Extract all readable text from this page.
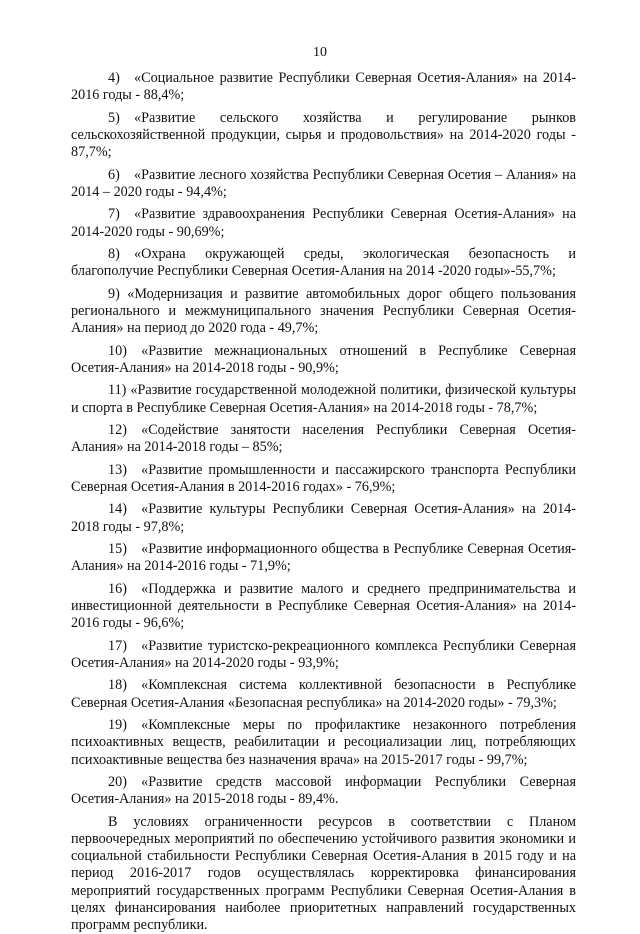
10

4) «Социальное развитие Республики Северная Осетия-Алания» на 2014-2016 годы - 88,4%;

5) «Развитие сельского хозяйства и регулирование рынков сельскохозяйственной продукции, сырья и продовольствия» на 2014-2020 годы - 87,7%;

6) «Развитие лесного хозяйства Республики Северная Осетия – Алания» на 2014 – 2020 годы - 94,4%;

7) «Развитие здравоохранения Республики Северная Осетия-Алания» на 2014-2020 годы - 90,69%;

8) «Охрана окружающей среды, экологическая безопасность и благополучие Республики Северная Осетия-Алания на 2014 -2020 годы»-55,7%;

9) «Модернизация и развитие автомобильных дорог общего пользования регионального и межмуниципального значения Республики Северная Осетия-Алания» на период до 2020 года - 49,7%;

10) «Развитие межнациональных отношений в Республике Северная Осетия-Алания» на 2014-2018 годы - 90,9%;

11) «Развитие государственной молодежной политики, физической культуры и спорта в Республике Северная Осетия-Алания» на 2014-2018 годы - 78,7%;

12) «Содействие занятости населения Республики Северная Осетия-Алания» на 2014-2018 годы – 85%;

13) «Развитие промышленности и пассажирского транспорта Республики Северная Осетия-Алания в 2014-2016 годах» - 76,9%;

14) «Развитие культуры Республики Северная Осетия-Алания» на 2014-2018 годы - 97,8%;

15) «Развитие информационного общества в Республике Северная Осетия-Алания» на 2014-2016 годы - 71,9%;

16) «Поддержка и развитие малого и среднего предпринимательства и инвестиционной деятельности в Республике Северная Осетия-Алания» на 2014-2016 годы - 96,6%;

17) «Развитие туристско-рекреационного комплекса Республики Северная Осетия-Алания» на 2014-2020 годы - 93,9%;

18) «Комплексная система коллективной безопасности в Республике Северная Осетия-Алания «Безопасная республика» на 2014-2020 годы» - 79,3%;

19) «Комплексные меры по профилактике незаконного потребления психоактивных веществ, реабилитации и ресоциализации лиц, потребляющих психоактивные вещества без назначения врача» на 2015-2017 годы - 99,7%;

20) «Развитие средств массовой информации Республики Северная Осетия-Алания» на 2015-2018 годы - 89,4%.

В условиях ограниченности ресурсов в соответствии с Планом первоочередных мероприятий по обеспечению устойчивого развития экономики и социальной стабильности Республики Северная Осетия-Алания в 2015 году и на период 2016-2017 годов осуществлялась корректировка финансирования мероприятий государственных программ Республики Северная Осетия-Алания в целях финансирования наиболее приоритетных направлений государственных программ республики.
